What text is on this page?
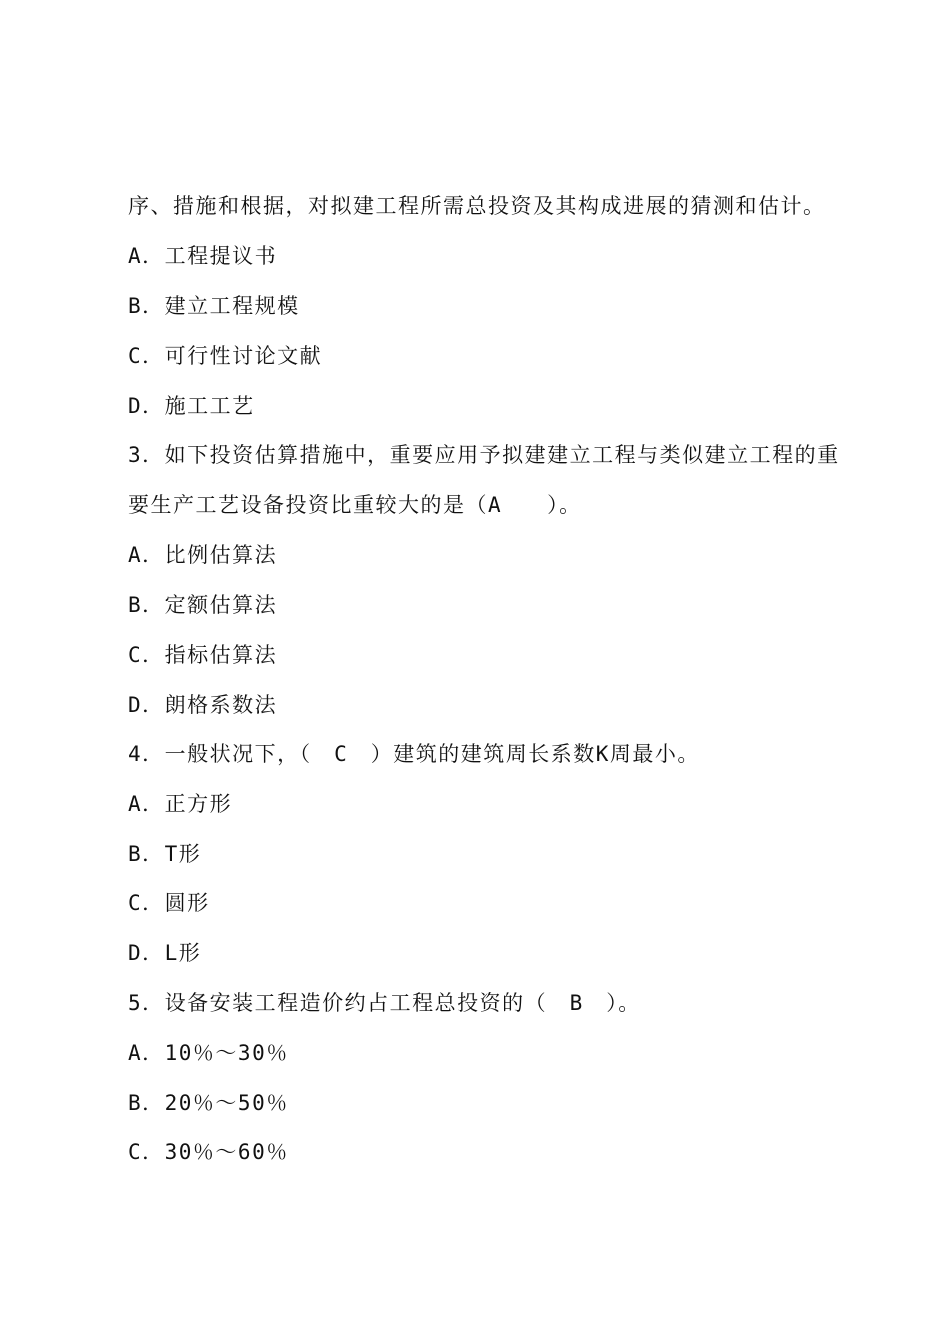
序、措施和根据，对拟建工程所需总投资及其构成进展的猜测和估计。
A．工程提议书
B．建立工程规模
C．可行性讨论文献
D．施工工艺
3．如下投资估算措施中，重要应用予拟建建立工程与类似建立工程的重
要生产工艺设备投资比重较大的是（A　　）。
A．比例估算法
B．定额估算法
C．指标估算法
D．朗格系数法
4．一般状况下，（　C　）建筑的建筑周长系数K周最小。
A．正方形
B．T形
C．圆形
D．L形
5．设备安装工程造价约占工程总投资的（　B　）。
A．10％～30％
B．20％～50％
C．30％～60％
